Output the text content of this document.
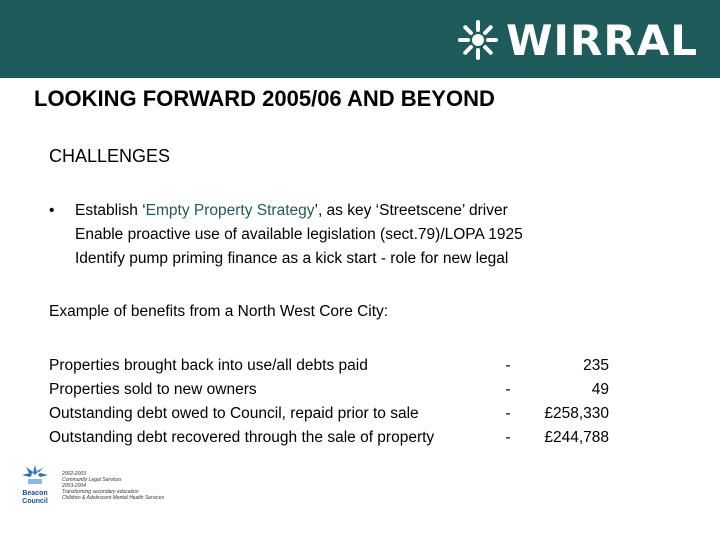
WIRRAL
LOOKING FORWARD 2005/06 AND BEYOND
CHALLENGES
• Establish ‘Empty Property Strategy’, as key ‘Streetscene’ driver
Enable proactive use of available legislation (sect.79)/LOPA 1925
Identify pump priming finance as a kick start - role for new legal
Example of benefits from a North West Core City:
Properties brought back into use/all debts paid	-	235
Properties sold to new owners	-	49
Outstanding debt owed to Council, repaid prior to sale	-	£258,330
Outstanding debt recovered through the sale of property	-	£244,788
Beacon
Council
2002-2003
Community Legal Services
2003-2004
Transforming secondary education
Children & Adolescent Mental Health Services
